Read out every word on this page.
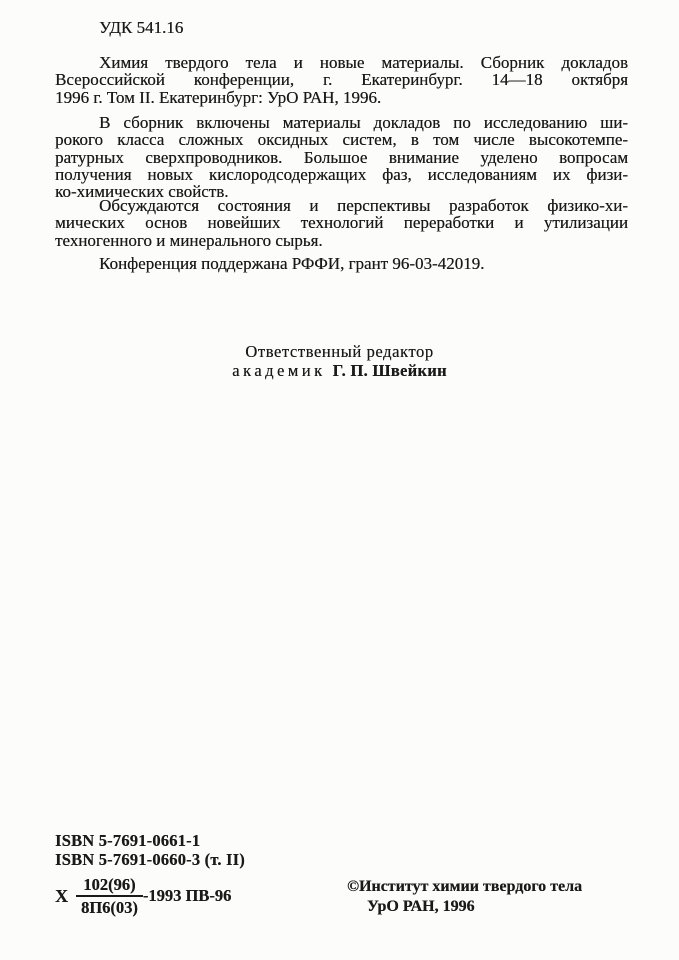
УДК 541.16
Химия твердого тела и новые материалы. Сборник докладов
Всероссийской конференции, г. Екатеринбург. 14—18 октября
1996 г. Том II. Екатеринбург: УрО РАН, 1996.
В сборник включены материалы докладов по исследованию ши-
рокого класса сложных оксидных систем, в том числе высокотемпе-
ратурных сверхпроводников. Большое внимание уделено вопросам
получения новых кислородсодержащих фаз, исследованиям их физи-
ко-химических свойств.
Обсуждаются состояния и перспективы разработок физико-хи-
мических основ новейших технологий переработки и утилизации
техногенного и минерального сырья.
Конференция поддержана РФФИ, грант 96-03-42019.
Ответственный редактор
академик Г. П. Швейкин
ISBN 5-7691-0661-1
ISBN 5-7691-0660-3 (т. II)
Х $\frac{102(96)}{8П6(03)} -1993$ ПВ-96	©Институт химии твердого тела
УрО РАН, 1996
